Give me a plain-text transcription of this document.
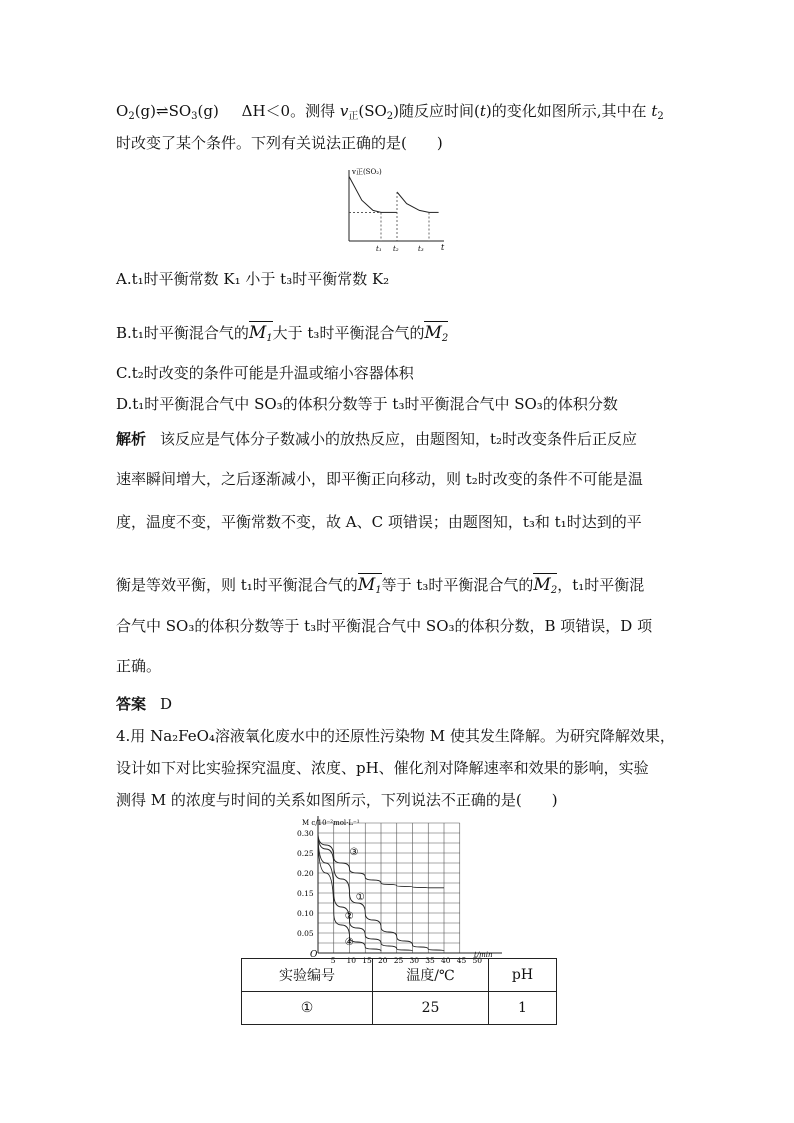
$O_2(g)\rightleftharpoons SO_3(g)$ ΔH＜0。测得 $v_正(SO_2)$随反应时间(t)的变化如图所示,其中在 $t_2$
时改变了某个条件。下列有关说法正确的是(　　)
v正(SO₂)
t
t₁ t₂	t₃
A.t₁时平衡常数 K₁ 小于 t₃时平衡常数 K₂
B.t₁时平衡混合气的$M_1$大于 t₃时平衡混合气的$M_2$
C.t₂时改变的条件可能是升温或缩小容器体积
D.t₁时平衡混合气中 SO₃的体积分数等于 t₃时平衡混合气中 SO₃的体积分数
解析 该反应是气体分子数减小的放热反应，由题图知，t₂时改变条件后正反应
速率瞬间增大，之后逐渐减小，即平衡正向移动，则 t₂时改变的条件不可能是温
度，温度不变，平衡常数不变，故 A、C 项错误；由题图知，t₃和 t₁时达到的平
衡是等效平衡，则 t₁时平衡混合气的$M_1$等于 t₃时平衡混合气的$M_2$，t₁时平衡混
合气中 SO₃的体积分数等于 t₃时平衡混合气中 SO₃的体积分数，B 项错误，D 项
正确。
答案 D
4.用 Na₂FeO₄溶液氧化废水中的还原性污染物 M 使其发生降解。为研究降解效果，
设计如下对比实验探究温度、浓度、pH、催化剂对降解速率和效果的影响，实验
测得 M 的浓度与时间的关系如图所示，下列说法不正确的是(　　)
M c/10⁻²mol·L⁻¹
t/min
O
0.05
0.10
0.15
0.20
0.25
0.30
5 10 15 20 25 30 35 40 45 50
③
①
②
④
实验编号	温度/℃	pH
①	25	1
